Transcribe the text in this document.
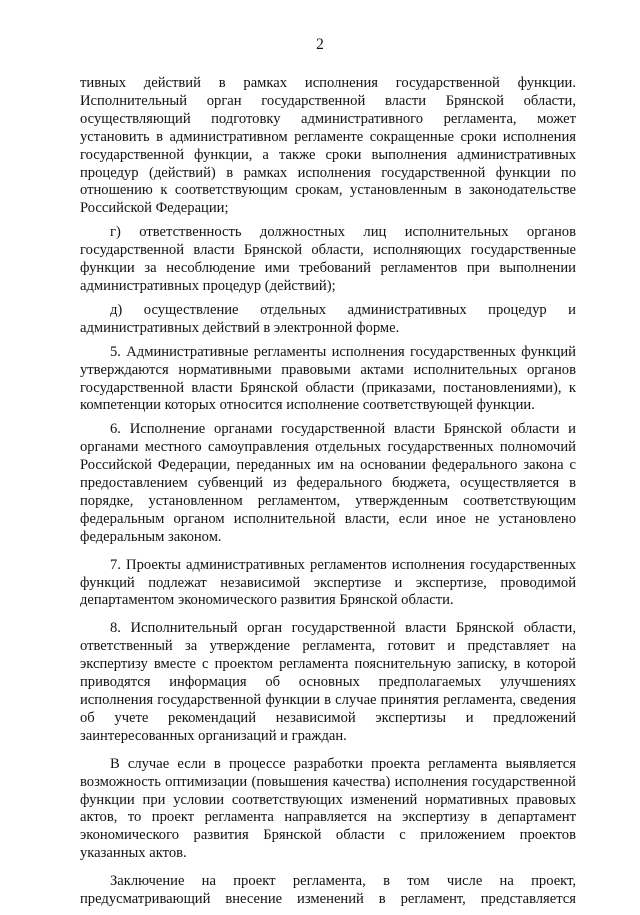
2

тивных действий в рамках исполнения государственной функции. Исполнительный орган государственной власти Брянской области, осуществляющий подготовку административного регламента, может установить в административном регламенте сокращенные сроки исполнения государственной функции, а также сроки выполнения административных процедур (действий) в рамках исполнения государственной функции по отношению к соответствующим срокам, установленным в законодательстве Российской Федерации;

г) ответственность должностных лиц исполнительных органов государственной власти Брянской области, исполняющих государственные функции за несоблюдение ими требований регламентов при выполнении административных процедур (действий);

д) осуществление отдельных административных процедур и административных действий в электронной форме.

5. Административные регламенты исполнения государственных функций утверждаются нормативными правовыми актами исполнительных органов государственной власти Брянской области (приказами, постановлениями), к компетенции которых относится исполнение соответствующей функции.

6. Исполнение органами государственной власти Брянской области и органами местного самоуправления отдельных государственных полномочий Российской Федерации, переданных им на основании федерального закона с предоставлением субвенций из федерального бюджета, осуществляется в порядке, установленном регламентом, утвержденным соответствующим федеральным органом исполнительной власти, если иное не установлено федеральным законом.

7. Проекты административных регламентов исполнения государственных функций подлежат независимой экспертизе и экспертизе, проводимой департаментом экономического развития Брянской области.

8. Исполнительный орган государственной власти Брянской области, ответственный за утверждение регламента, готовит и представляет на экспертизу вместе с проектом регламента пояснительную записку, в которой приводятся информация об основных предполагаемых улучшениях исполнения государственной функции в случае принятия регламента, сведения об учете рекомендаций независимой экспертизы и предложений заинтересованных организаций и граждан.

В случае если в процессе разработки проекта регламента выявляется возможность оптимизации (повышения качества) исполнения государственной функции при условии соответствующих изменений нормативных правовых актов, то проект регламента направляется на экспертизу в департамент экономического развития Брянской области с приложением проектов указанных актов.

Заключение на проект регламента, в том числе на проект, предусматривающий внесение изменений в регламент, представляется
